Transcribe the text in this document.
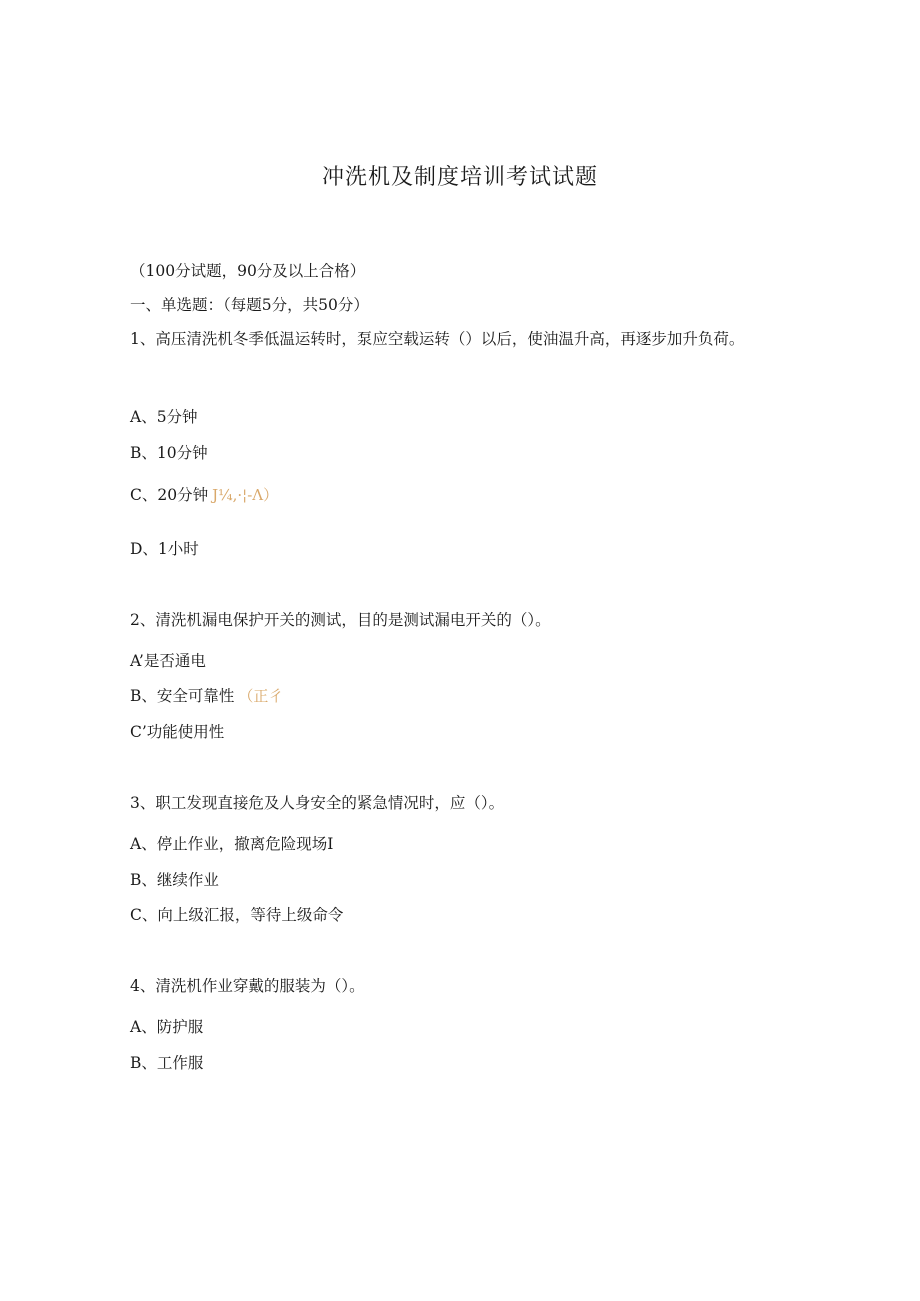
冲洗机及制度培训考试试题
（100分试题，90分及以上合格）
一、单选题：（每题5分，共50分）
1、高压清洗机冬季低温运转时，泵应空载运转（）以后，使油温升高，再逐步加升负荷。
A、5分钟
B、10分钟
C、20分钟 J¼,·¦-Λ）
D、1小时
2、清洗机漏电保护开关的测试，目的是测试漏电开关的（）。
A’是否通电
B、安全可靠性 （正彳
C’功能使用性
3、职工发现直接危及人身安全的紧急情况时，应（）。
A、停止作业，撤离危险现场I
B、继续作业
C、向上级汇报，等待上级命令
4、清洗机作业穿戴的服装为（）。
A、防护服
B、工作服
